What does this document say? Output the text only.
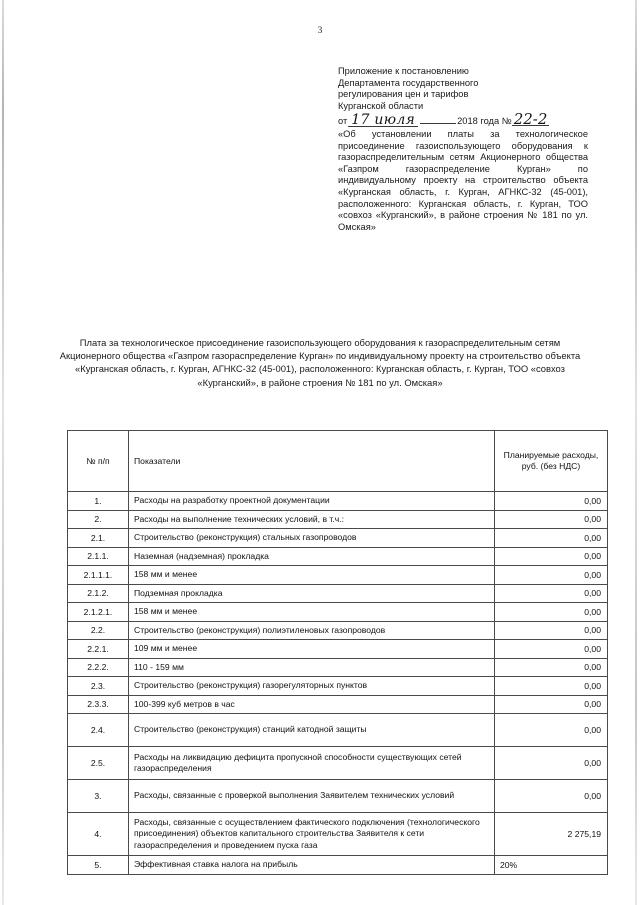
3
Приложение к постановлению
Департамента государственного
регулирования цен и тарифов
Курганской области
от 17 июля	2018 года № 22-2
«Об установлении платы за технологическое присоединение газоиспользующего оборудования к газораспределительным сетям Акционерного общества «Газпром газораспределение Курган» по индивидуальному проекту на строительство объекта «Курганская область, г. Курган, АГНКС-32 (45-001), расположенного: Курганская область, г. Курган, ТОО «совхоз «Курганский», в районе строения № 181 по ул. Омская»
Плата за технологическое присоединение газоиспользующего оборудования к газораспределительным сетям Акционерного общества «Газпром газораспределение Курган» по индивидуальному проекту на строительство объекта «Курганская область, г. Курган, АГНКС-32 (45-001), расположенного: Курганская область, г. Курган, ТОО «совхоз «Курганский», в районе строения № 181 по ул. Омская»
№ п/п	Показатели	Планируемые расходы, руб. (без НДС)
1.	Расходы на разработку проектной документации	0,00
2.	Расходы на выполнение технических условий, в т.ч.:	0,00
2.1.	Строительство (реконструкция) стальных газопроводов	0,00
2.1.1.	Наземная (надземная) прокладка	0,00
2.1.1.1.	158 мм и менее	0,00
2.1.2.	Подземная прокладка	0,00
2.1.2.1.	158 мм и менее	0,00
2.2.	Строительство (реконструкция) полиэтиленовых газопроводов	0,00
2.2.1.	109 мм и менее	0,00
2.2.2.	110 - 159 мм	0,00
2.3.	Строительство (реконструкция) газорегуляторных пунктов	0,00
2.3.3.	100-399 куб метров в час	0,00
2.4.	Строительство (реконструкция) станций катодной защиты	0,00
2.5.	Расходы на ликвидацию дефицита пропускной способности существующих сетей газораспределения	0,00
3.	Расходы, связанные с проверкой выполнения Заявителем технических условий	0,00
4.	Расходы, связанные с осуществлением фактического подключения (технологического присоединения) объектов капитального строительства Заявителя к сети газораспределения и проведением пуска газа	2 275,19
5.	Эффективная ставка налога на прибыль	20%
